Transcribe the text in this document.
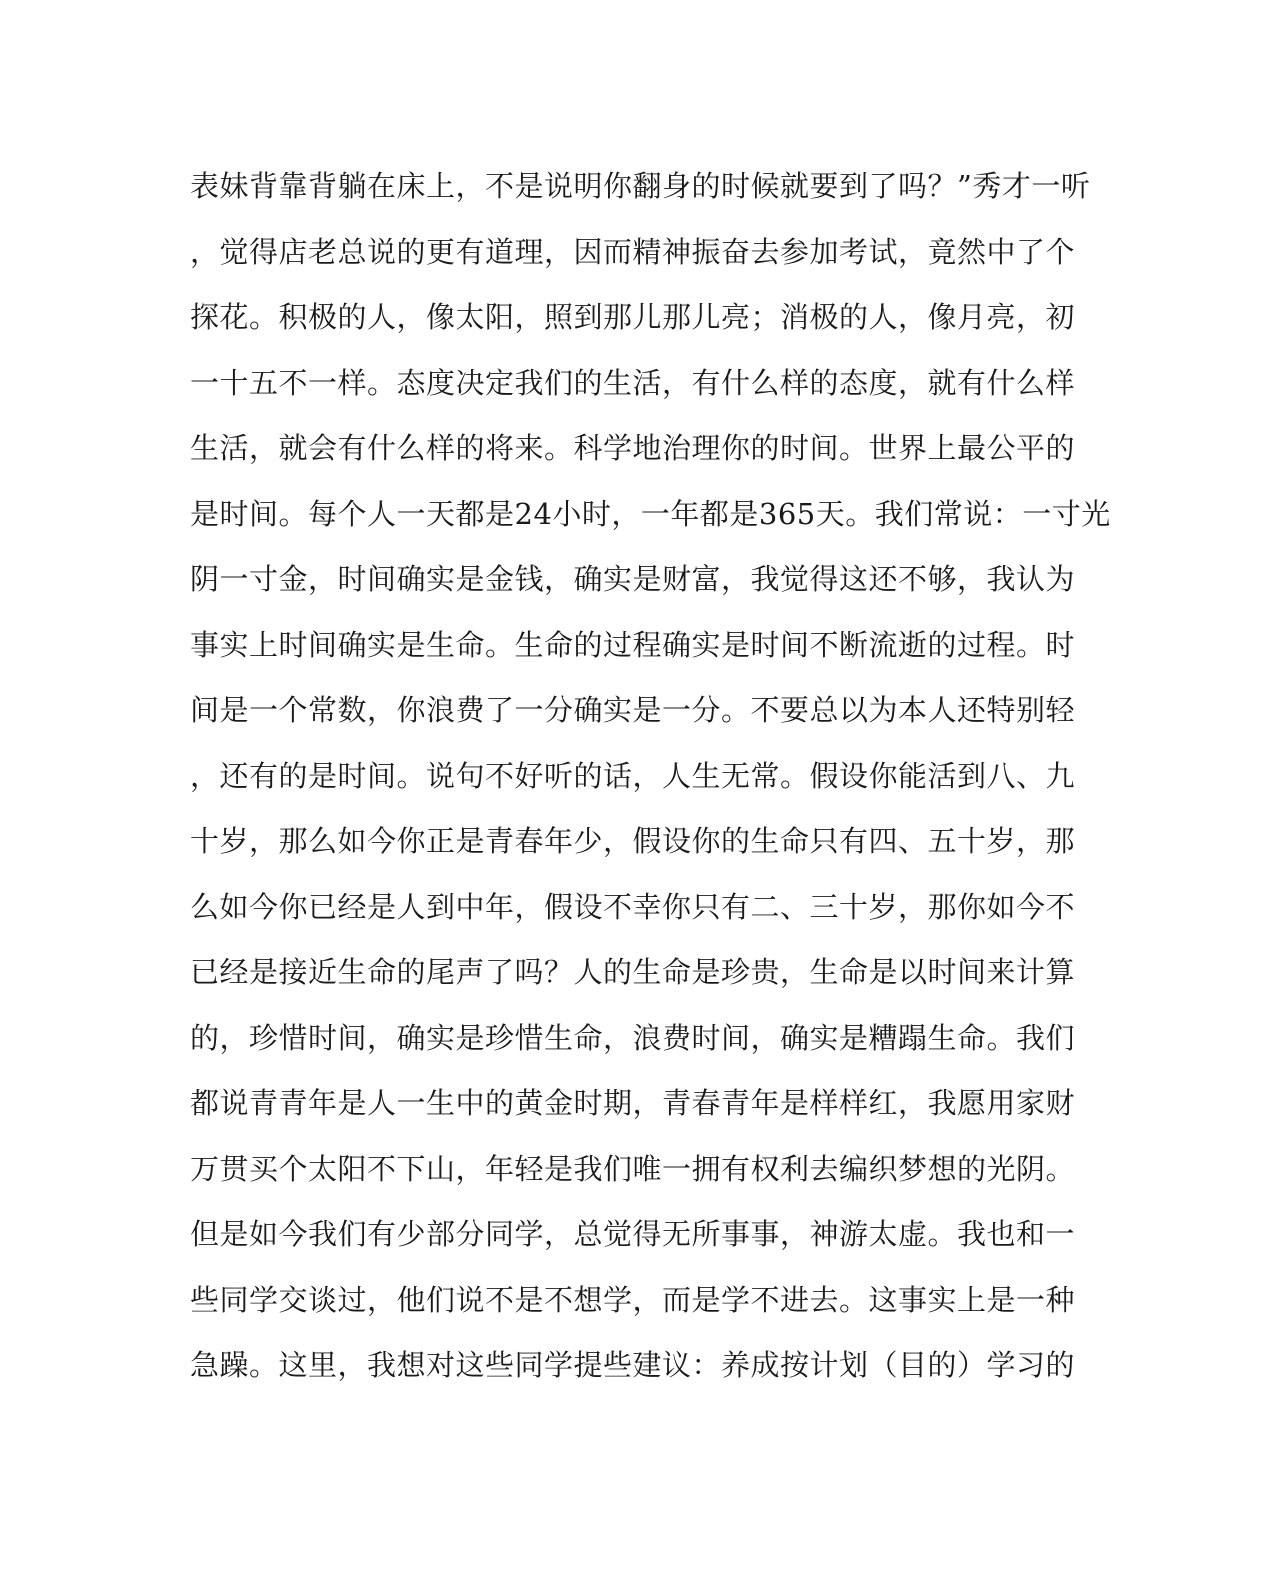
表妹背靠背躺在床上，不是说明你翻身的时候就要到了吗？”秀才一听
，觉得店老总说的更有道理，因而精神振奋去参加考试，竟然中了个
探花。积极的人，像太阳，照到那儿那儿亮；消极的人，像月亮，初
一十五不一样。态度决定我们的生活，有什么样的态度，就有什么样
生活，就会有什么样的将来。科学地治理你的时间。世界上最公平的
是时间。每个人一天都是24小时，一年都是365天。我们常说：一寸光
阴一寸金，时间确实是金钱，确实是财富，我觉得这还不够，我认为
事实上时间确实是生命。生命的过程确实是时间不断流逝的过程。时
间是一个常数，你浪费了一分确实是一分。不要总以为本人还特别轻
，还有的是时间。说句不好听的话，人生无常。假设你能活到八、九
十岁，那么如今你正是青春年少，假设你的生命只有四、五十岁，那
么如今你已经是人到中年，假设不幸你只有二、三十岁，那你如今不
已经是接近生命的尾声了吗？人的生命是珍贵，生命是以时间来计算
的，珍惜时间，确实是珍惜生命，浪费时间，确实是糟蹋生命。我们
都说青青年是人一生中的黄金时期，青春青年是样样红，我愿用家财
万贯买个太阳不下山，年轻是我们唯一拥有权利去编织梦想的光阴。
但是如今我们有少部分同学，总觉得无所事事，神游太虚。我也和一
些同学交谈过，他们说不是不想学，而是学不进去。这事实上是一种
急躁。这里，我想对这些同学提些建议：养成按计划（目的）学习的
